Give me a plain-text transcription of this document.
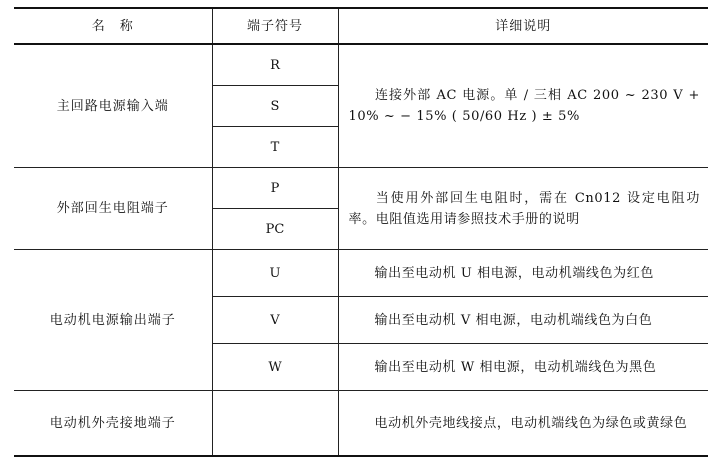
名　称	端子符号	详细说明
主回路电源输入端	R	连接外部 AC 电源。单 / 三相 AC 200 ~ 230 V + 10% ~ − 15% ( 50/60 Hz ) ± 5%
	S	
	T	
外部回生电阻端子	P	当使用外部回生电阻时，需在 Cn012 设定电阻功率。电阻值选用请参照技术手册的说明
	PC	
电动机电源输出端子	U	输出至电动机 U 相电源，电动机端线色为红色
	V	输出至电动机 V 相电源，电动机端线色为白色
	W	输出至电动机 W 相电源，电动机端线色为黑色
电动机外壳接地端子		电动机外壳地线接点，电动机端线色为绿色或黄绿色
